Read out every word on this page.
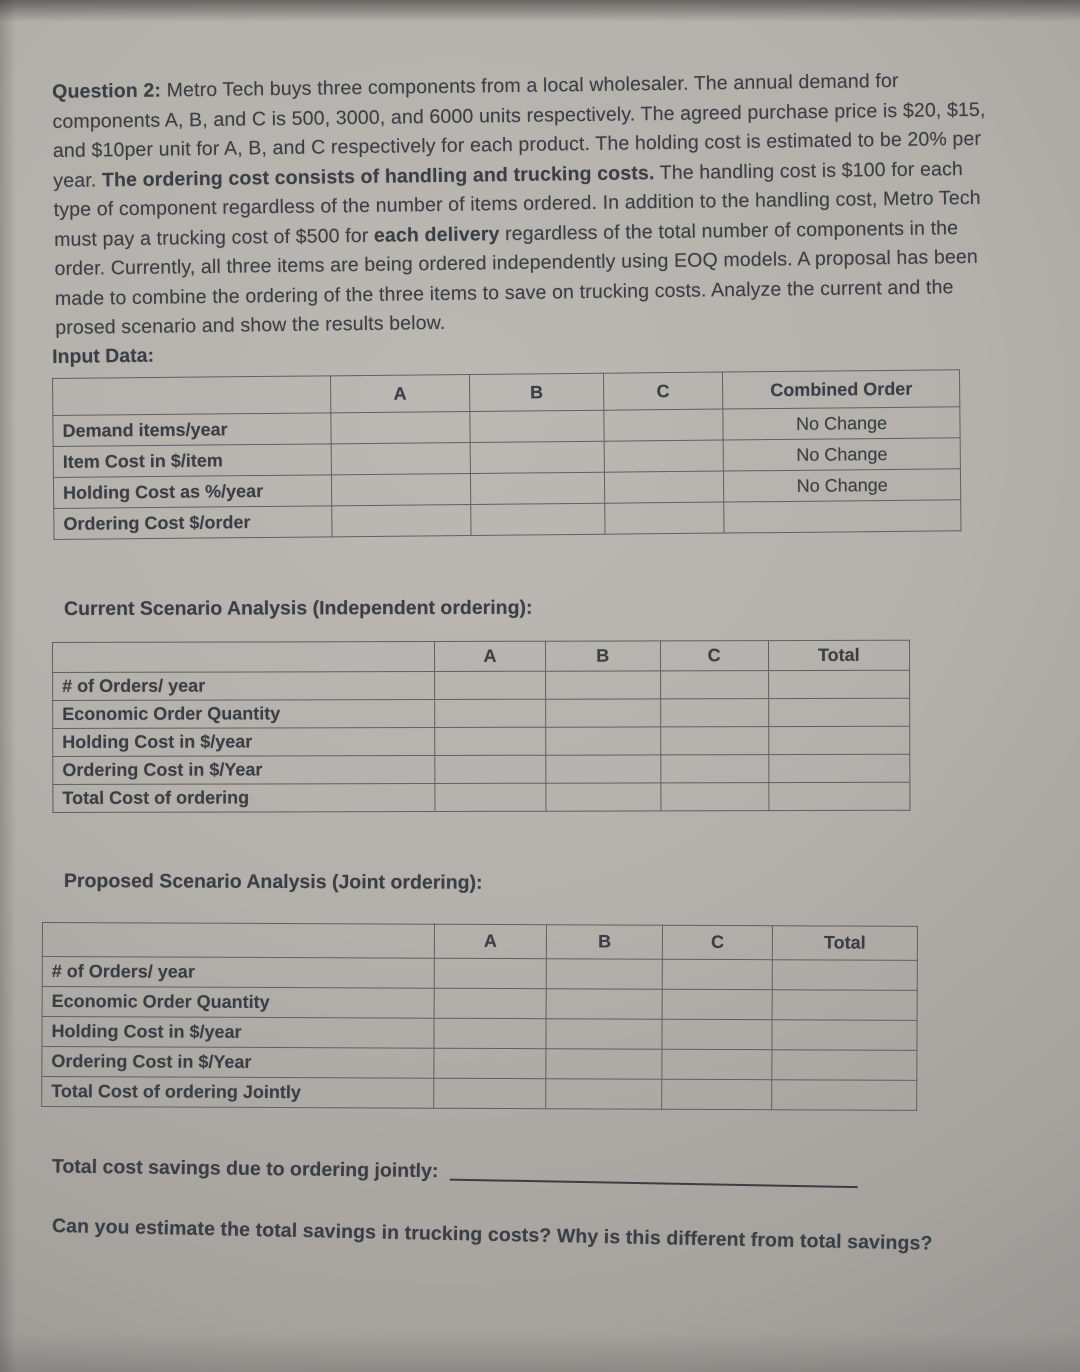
Question 2: Metro Tech buys three components from a local wholesaler. The annual demand for components A, B, and C is 500, 3000, and 6000 units respectively. The agreed purchase price is $20, $15, and $10per unit for A, B, and C respectively for each product. The holding cost is estimated to be 20% per year. The ordering cost consists of handling and trucking costs. The handling cost is $100 for each type of component regardless of the number of items ordered. In addition to the handling cost, Metro Tech must pay a trucking cost of $500 for each delivery regardless of the total number of components in the order. Currently, all three items are being ordered independently using EOQ models. A proposal has been made to combine the ordering of the three items to save on trucking costs. Analyze the current and the prosed scenario and show the results below.

Input Data:

	A	B	C	Combined Order
Demand items/year				No Change
Item Cost in $/item				No Change
Holding Cost as %/year				No Change
Ordering Cost $/order				

Current Scenario Analysis (Independent ordering):

	A	B	C	Total
# of Orders/ year				
Economic Order Quantity				
Holding Cost in $/year				
Ordering Cost in $/Year				
Total Cost of ordering				

Proposed Scenario Analysis (Joint ordering):

	A	B	C	Total
# of Orders/ year				
Economic Order Quantity				
Holding Cost in $/year				
Ordering Cost in $/Year				
Total Cost of ordering Jointly				

Total cost savings due to ordering jointly:

Can you estimate the total savings in trucking costs? Why is this different from total savings?
